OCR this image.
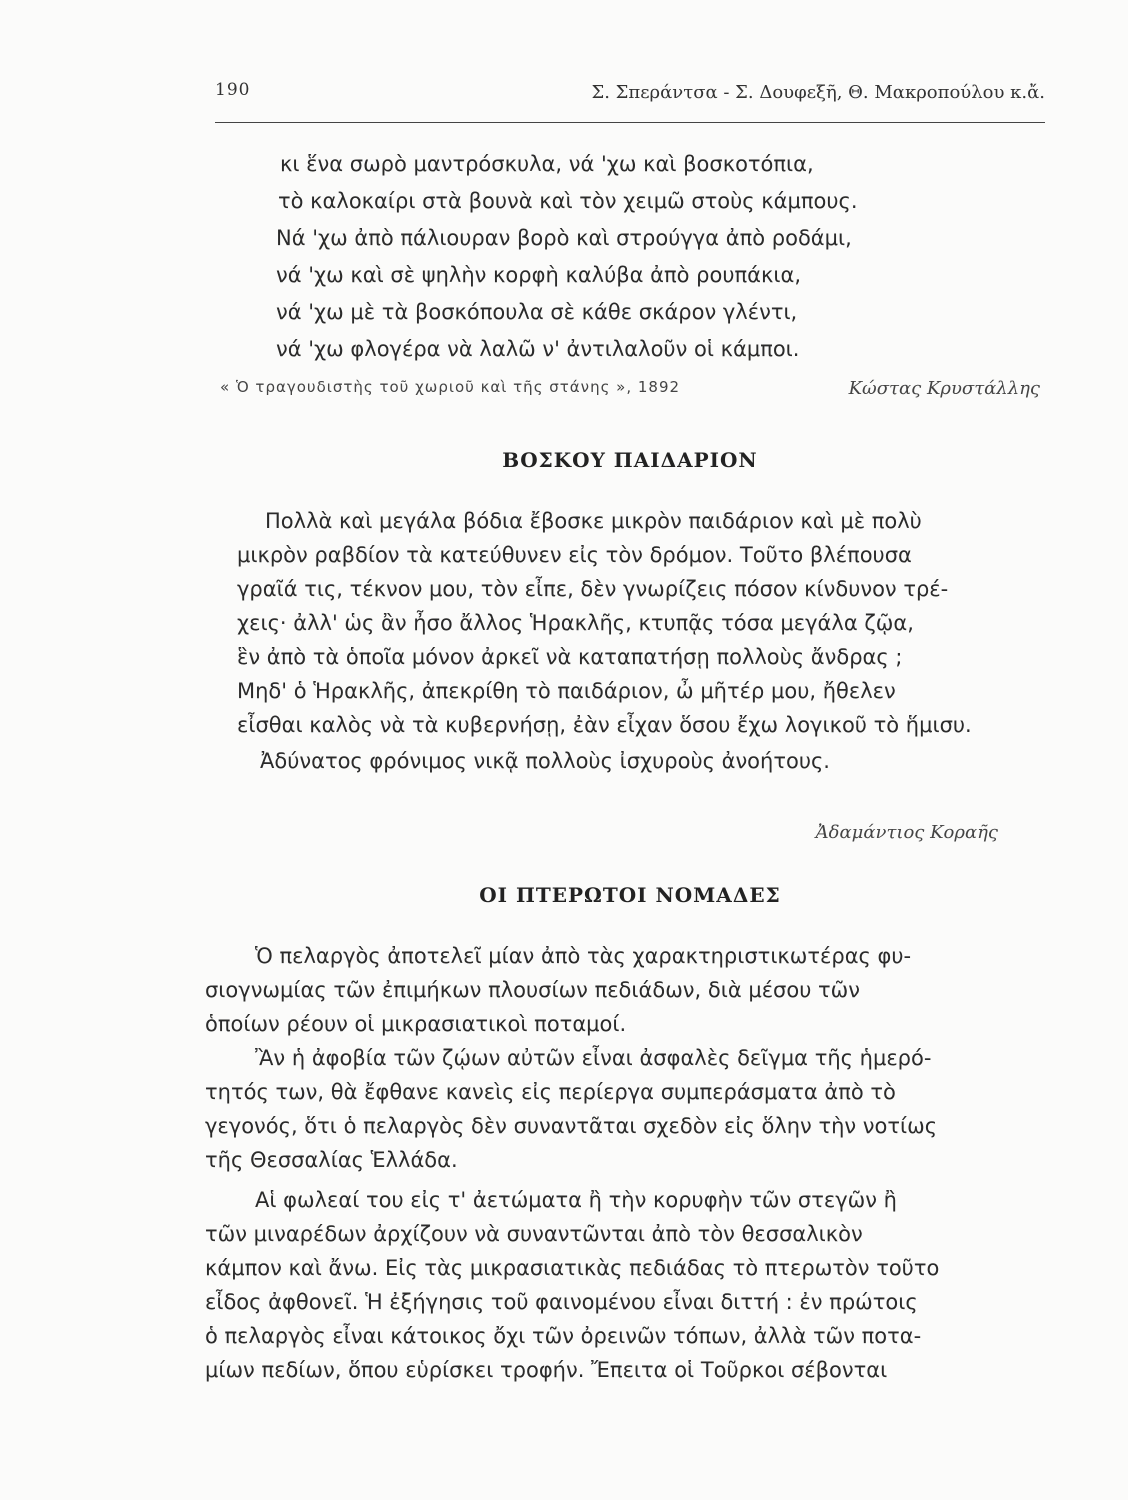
190	Σ. Σπεράντσα - Σ. Δουφεξῆ, Θ. Μακροπούλου κ.ἄ.
κι ἕνα σωρὸ μαντρόσκυλα, νά 'χω καὶ βοσκοτόπια,
τὸ καλοκαίρι στὰ βουνὰ καὶ τὸν χειμῶ στοὺς κάμπους.
Νά 'χω ἀπὸ πάλιουραν βορὸ καὶ στρούγγα ἀπὸ ροδάμι,
νά 'χω καὶ σὲ ψηλὴν κορφὴ καλύβα ἀπὸ ρουπάκια,
νά 'χω μὲ τὰ βοσκόπουλα σὲ κάθε σκάρον γλέντι,
νά 'χω φλογέρα νὰ λαλῶ ν' ἀντιλαλοῦν οἱ κάμποι.
« Ὁ τραγουδιστὴς τοῦ χωριοῦ καὶ τῆς στάνης », 1892	Κώστας Κρυστάλλης
ΒΟΣΚΟΥ ΠΑΙΔΑΡΙΟΝ
Πολλὰ καὶ μεγάλα βόδια ἔβοσκε μικρὸν παιδάριον καὶ μὲ πολὺ
μικρὸν ραβδίον τὰ κατεύθυνεν εἰς τὸν δρόμον. Τοῦτο βλέπουσα
γραῖά τις, τέκνον μου, τὸν εἶπε, δὲν γνωρίζεις πόσον κίνδυνον τρέ-
χεις· ἀλλ' ὡς ἂν ἦσο ἄλλος Ἡρακλῆς, κτυπᾷς τόσα μεγάλα ζῷα,
ἓν ἀπὸ τὰ ὁποῖα μόνον ἀρκεῖ νὰ καταπατήσῃ πολλοὺς ἄνδρας ;
Μηδ' ὁ Ἡρακλῆς, ἀπεκρίθη τὸ παιδάριον, ὦ μῆτέρ μου, ἤθελεν
εἶσθαι καλὸς νὰ τὰ κυβερνήσῃ, ἐὰν εἶχαν ὅσου ἔχω λογικοῦ τὸ ἥμισυ.
Ἀδύνατος φρόνιμος νικᾷ πολλοὺς ἰσχυροὺς ἀνοήτους.
Ἀδαμάντιος Κοραῆς
ΟΙ ΠΤΕΡΩΤΟΙ ΝΟΜΑΔΕΣ
Ὁ πελαργὸς ἀποτελεῖ μίαν ἀπὸ τὰς χαρακτηριστικωτέρας φυ-
σιογνωμίας τῶν ἐπιμήκων πλουσίων πεδιάδων, διὰ μέσου τῶν
ὁποίων ρέουν οἱ μικρασιατικοὶ ποταμοί.
Ἂν ἡ ἀφοβία τῶν ζῴων αὐτῶν εἶναι ἀσφαλὲς δεῖγμα τῆς ἡμερό-
τητός των, θὰ ἔφθανε κανεὶς εἰς περίεργα συμπεράσματα ἀπὸ τὸ
γεγονός, ὅτι ὁ πελαργὸς δὲν συναντᾶται σχεδὸν εἰς ὅλην τὴν νοτίως
τῆς Θεσσαλίας Ἑλλάδα.
Αἱ φωλεαί του εἰς τ' ἀετώματα ἢ τὴν κορυφὴν τῶν στεγῶν ἢ
τῶν μιναρέδων ἀρχίζουν νὰ συναντῶνται ἀπὸ τὸν θεσσαλικὸν
κάμπον καὶ ἄνω. Εἰς τὰς μικρασιατικὰς πεδιάδας τὸ πτερωτὸν τοῦτο
εἶδος ἀφθονεῖ. Ἡ ἐξήγησις τοῦ φαινομένου εἶναι διττή : ἐν πρώτοις
ὁ πελαργὸς εἶναι κάτοικος ὄχι τῶν ὀρεινῶν τόπων, ἀλλὰ τῶν ποτα-
μίων πεδίων, ὅπου εὑρίσκει τροφήν. Ἔπειτα οἱ Τοῦρκοι σέβονται
